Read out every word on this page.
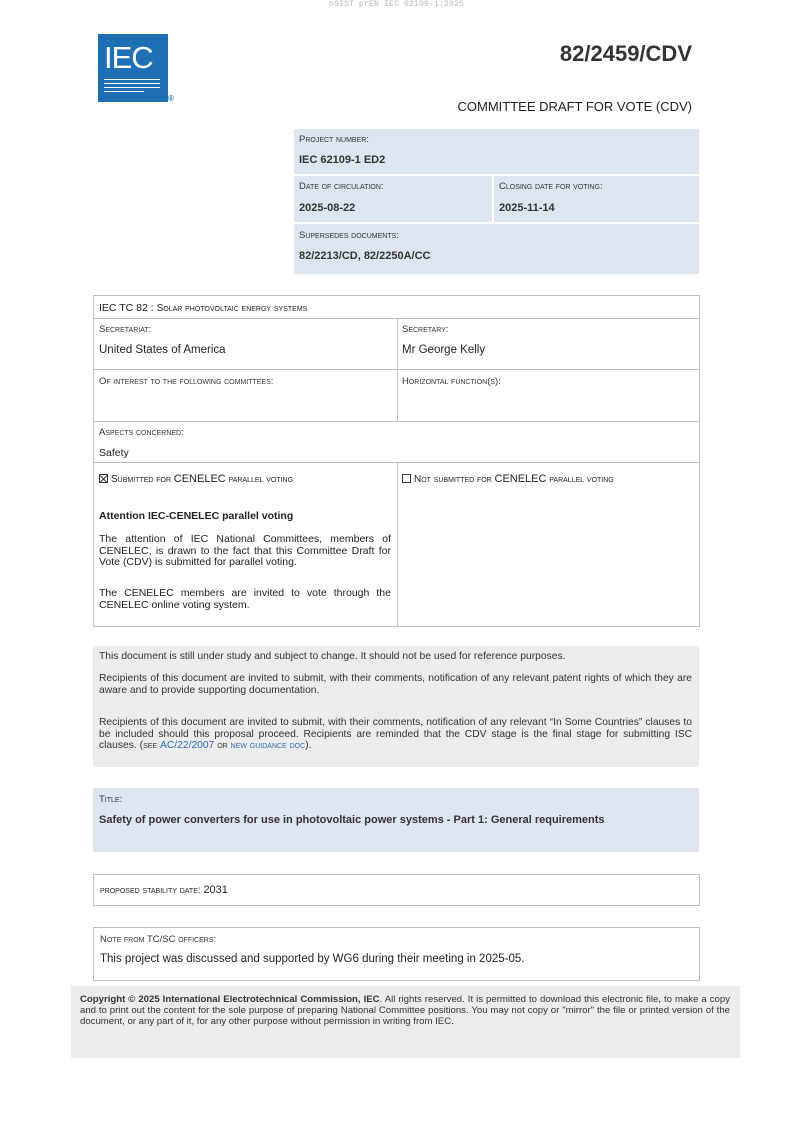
oSIST prEN IEC 62109-1:2025
IEC
®
82/2459/CDV
COMMITTEE DRAFT FOR VOTE (CDV)
Project number:
IEC 62109-1 ED2
Date of circulation:
2025-08-22
Closing date for voting:
2025-11-14
Supersedes documents:
82/2213/CD, 82/2250A/CC
IEC TC 82 : Solar photovoltaic energy systems
Secretariat:
United States of America
Secretary:
Mr George Kelly
Of interest to the following committees:	Horizontal function(s):
Aspects concerned:
Safety
Submitted for CENELEC parallel voting	Not submitted for CENELEC parallel voting
Attention IEC-CENELEC parallel voting
The attention of IEC National Committees, members of CENELEC, is drawn to the fact that this Committee Draft for Vote (CDV) is submitted for parallel voting.
The CENELEC members are invited to vote through the CENELEC online voting system.

This document is still under study and subject to change. It should not be used for reference purposes.

Recipients of this document are invited to submit, with their comments, notification of any relevant patent rights of which they are aware and to provide supporting documentation.

Recipients of this document are invited to submit, with their comments, notification of any relevant “In Some Countries” clauses to be included should this proposal proceed. Recipients are reminded that the CDV stage is the final stage for submitting ISC clauses. (see AC/22/2007 or new guidance doc).

Title:
Safety of power converters for use in photovoltaic power systems - Part 1: General requirements
proposed stability date: 2031
Note from TC/SC officers:
This project was discussed and supported by WG6 during their meeting in 2025-05.
Copyright © 2025 International Electrotechnical Commission, IEC. All rights reserved. It is permitted to download this electronic file, to make a copy and to print out the content for the sole purpose of preparing National Committee positions. You may not copy or "mirror" the file or printed version of the document, or any part of it, for any other purpose without permission in writing from IEC.
